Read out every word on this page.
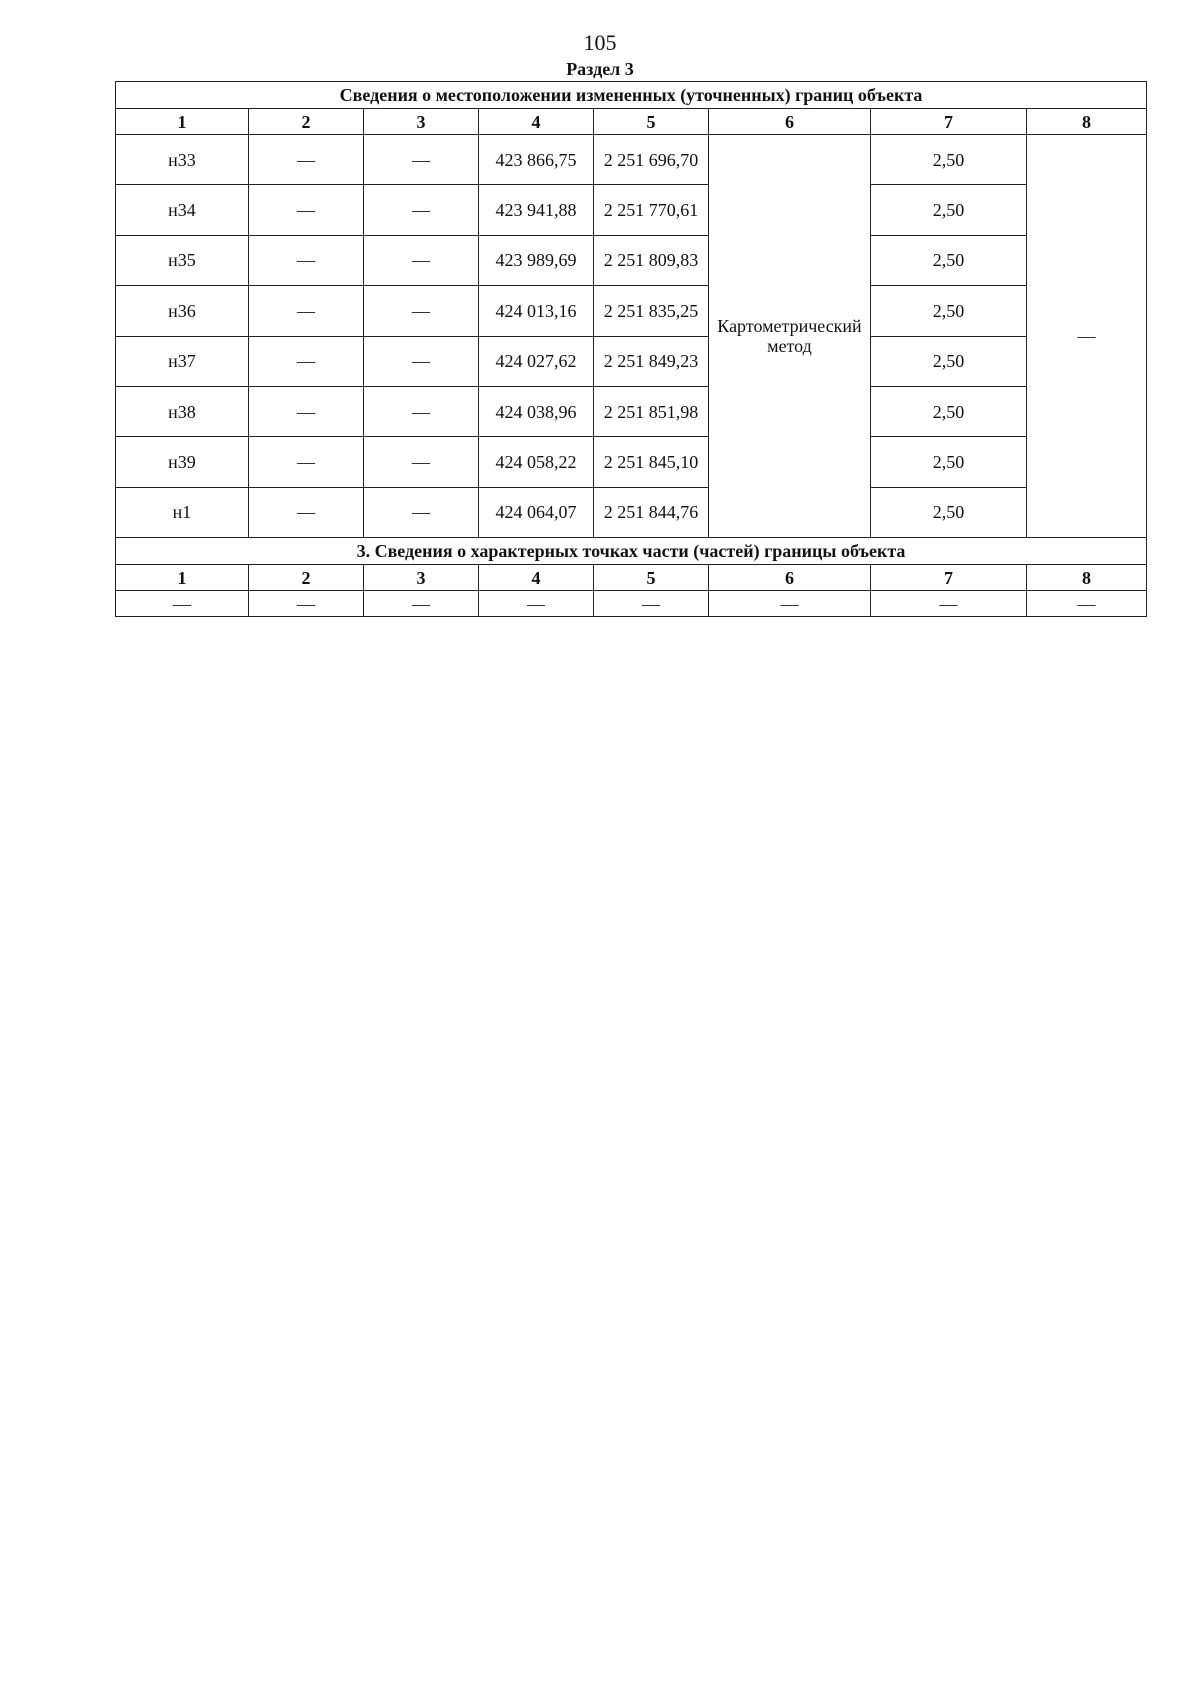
105
Раздел 3
Сведения о местоположении измененных (уточненных) границ объекта							
1	2	3	4	5	6	7	8
н33	—	—	423 866,75	2 251 696,70	Картометрический метод	2,50	—
н34	—	—	423 941,88	2 251 770,61		2,50	
н35	—	—	423 989,69	2 251 809,83		2,50	
н36	—	—	424 013,16	2 251 835,25		2,50	
н37	—	—	424 027,62	2 251 849,23		2,50	
н38	—	—	424 038,96	2 251 851,98		2,50	
н39	—	—	424 058,22	2 251 845,10		2,50	
н1	—	—	424 064,07	2 251 844,76		2,50	
3. Сведения о характерных точках части (частей) границы объекта							
1	2	3	4	5	6	7	8
—	—	—	—	—	—	—	—
